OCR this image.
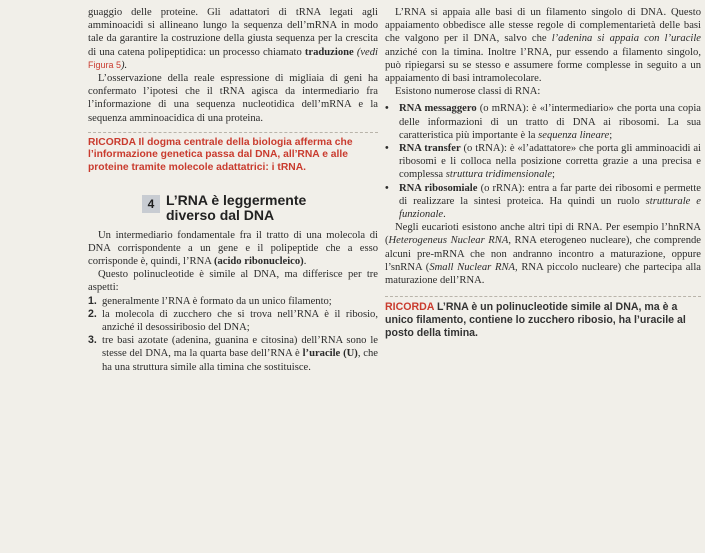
guaggio delle proteine. Gli adattatori di tRNA legati agli amminoacidi si allineano lungo la sequenza dell’mRNA in modo tale da garantire la costruzione della giusta sequenza per la crescita di una catena polipeptidica: un processo chiamato traduzione (vedi Figura 5).

L’osservazione della reale espressione di migliaia di geni ha confermato l’ipotesi che il tRNA agisca da intermediario fra l’informazione di una sequenza nucleotidica dell’mRNA e la sequenza amminoacidica di una proteina.

RICORDA Il dogma centrale della biologia afferma che l’informazione genetica passa dal DNA, all’RNA e alle proteine tramite molecole adattatrici: i tRNA.
4 L’RNA è leggermente
diverso dal DNA

Un intermediario fondamentale fra il tratto di una molecola di DNA corrispondente a un gene e il polipeptide che a esso corrisponde è, quindi, l’RNA (acido ribonucleico).

Questo polinucleotide è simile al DNA, ma differisce per tre aspetti:

1. generalmente l’RNA è formato da un unico filamento;
2. la molecola di zucchero che si trova nell’RNA è il ribosio, anziché il desossiribosio del DNA;
3. tre basi azotate (adenina, guanina e citosina) dell’RNA sono le stesse del DNA, ma la quarta base dell’RNA è l’uracile (U), che ha una struttura simile alla timina che sostituisce.

L’RNA si appaia alle basi di un filamento singolo di DNA. Questo appaiamento obbedisce alle stesse regole di complementarietà delle basi che valgono per il DNA, salvo che l’adenina si appaia con l’uracile anziché con la timina. Inoltre l’RNA, pur essendo a filamento singolo, può ripiegarsi su se stesso e assumere forme complesse in seguito a un appaiamento di basi intramolecolare.

Esistono numerose classi di RNA:

• RNA messaggero (o mRNA): è «l’intermediario» che porta una copia delle informazioni di un tratto di DNA ai ribosomi. La sua caratteristica più importante è la sequenza lineare;
• RNA transfer (o tRNA): è «l’adattatore» che porta gli amminoacidi ai ribosomi e li colloca nella posizione corretta grazie a una precisa e complessa struttura tridimensionale;
• RNA ribosomiale (o rRNA): entra a far parte dei ribosomi e permette di realizzare la sintesi proteica. Ha quindi un ruolo strutturale e funzionale.

Negli eucarioti esistono anche altri tipi di RNA. Per esempio l’hnRNA (Heterogeneus Nuclear RNA, RNA eterogeneo nucleare), che comprende alcuni pre-mRNA che non andranno incontro a maturazione, oppure l’snRNA (Small Nuclear RNA, RNA piccolo nucleare) che partecipa alla maturazione dell’RNA.

RICORDA L’RNA è un polinucleotide simile al DNA, ma è a unico filamento, contiene lo zucchero ribosio, ha l’uracile al posto della timina.
